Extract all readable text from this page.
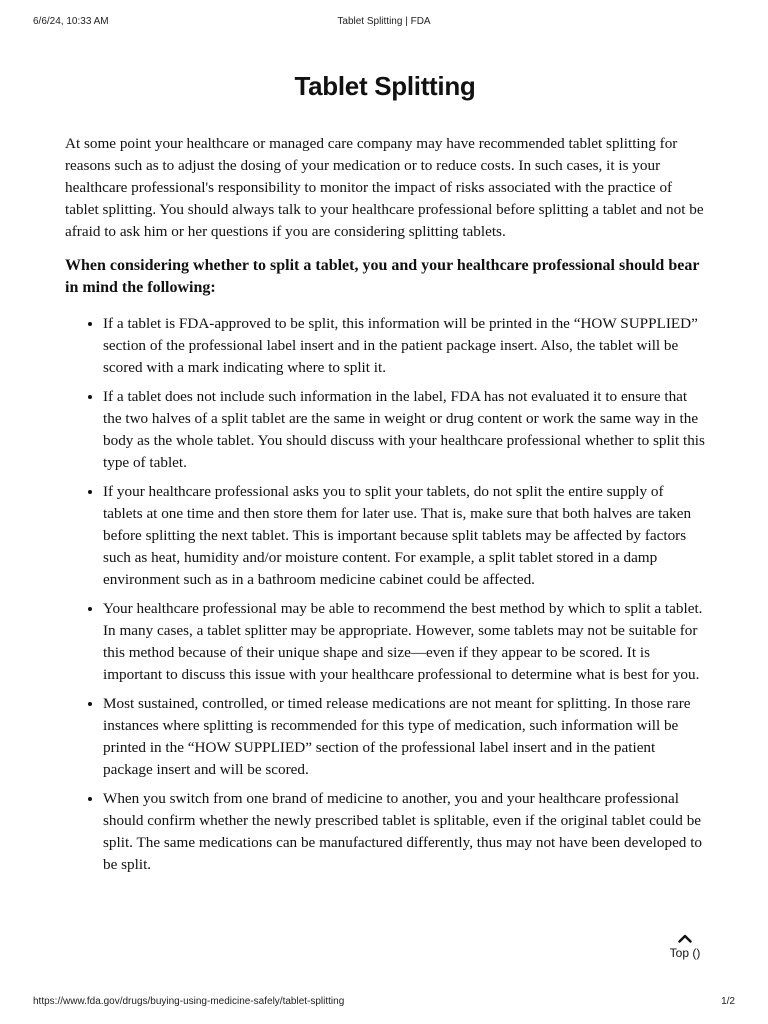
6/6/24, 10:33 AM	Tablet Splitting | FDA
Tablet Splitting

At some point your healthcare or managed care company may have recommended tablet splitting for reasons such as to adjust the dosing of your medication or to reduce costs. In such cases, it is your healthcare professional's responsibility to monitor the impact of risks associated with the practice of tablet splitting. You should always talk to your healthcare professional before splitting a tablet and not be afraid to ask him or her questions if you are considering splitting tablets.

When considering whether to split a tablet, you and your healthcare professional should bear in mind the following:
• If a tablet is FDA-approved to be split, this information will be printed in the “HOW SUPPLIED” section of the professional label insert and in the patient package insert. Also, the tablet will be scored with a mark indicating where to split it.
• If a tablet does not include such information in the label, FDA has not evaluated it to ensure that the two halves of a split tablet are the same in weight or drug content or work the same way in the body as the whole tablet. You should discuss with your healthcare professional whether to split this type of tablet.
• If your healthcare professional asks you to split your tablets, do not split the entire supply of tablets at one time and then store them for later use. That is, make sure that both halves are taken before splitting the next tablet. This is important because split tablets may be affected by factors such as heat, humidity and/or moisture content. For example, a split tablet stored in a damp environment such as in a bathroom medicine cabinet could be affected.
• Your healthcare professional may be able to recommend the best method by which to split a tablet. In many cases, a tablet splitter may be appropriate. However, some tablets may not be suitable for this method because of their unique shape and size—even if they appear to be scored. It is important to discuss this issue with your healthcare professional to determine what is best for you.
• Most sustained, controlled, or timed release medications are not meant for splitting. In those rare instances where splitting is recommended for this type of medication, such information will be printed in the “HOW SUPPLIED” section of the professional label insert and in the patient package insert and will be scored.
• When you switch from one brand of medicine to another, you and your healthcare professional should confirm whether the newly prescribed tablet is splitable, even if the original tablet could be split. The same medications can be manufactured differently, thus may not have been developed to be split.
Top ()
https://www.fda.gov/drugs/buying-using-medicine-safely/tablet-splitting	1/2
